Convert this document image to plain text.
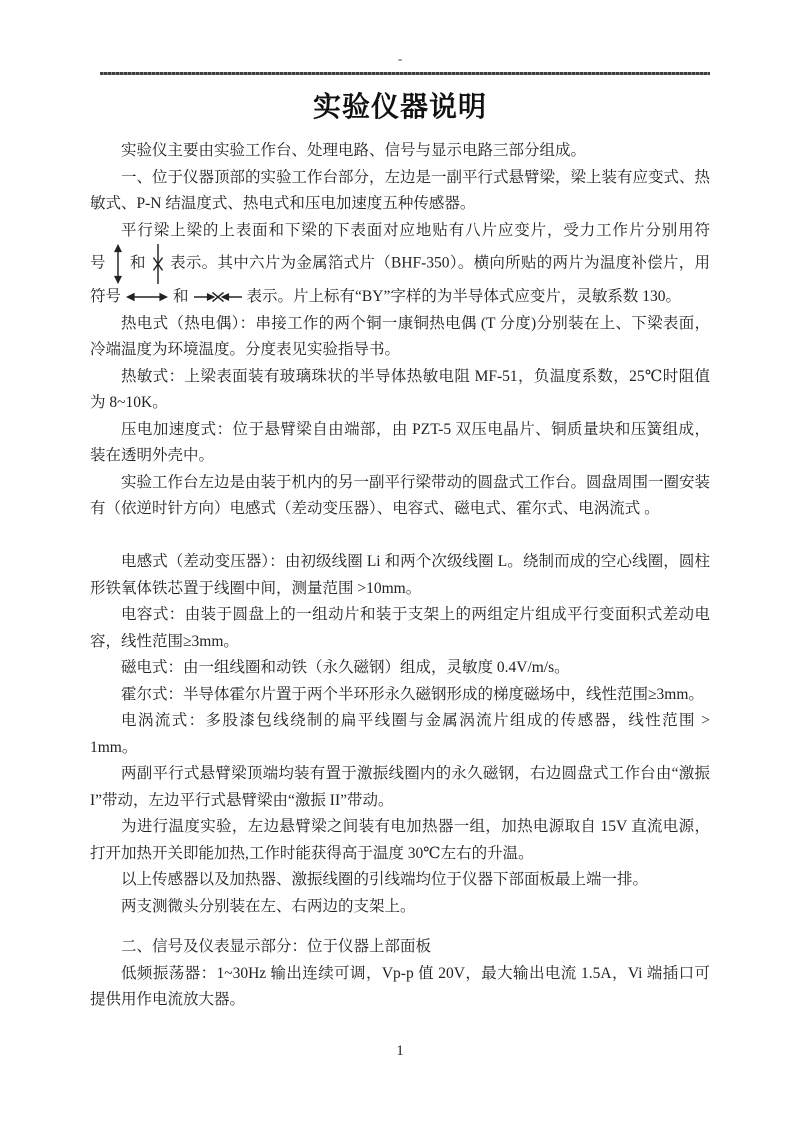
-
实验仪器说明

实验仪主要由实验工作台、处理电路、信号与显示电路三部分组成。

一、位于仪器顶部的实验工作台部分，左边是一副平行式悬臂梁，梁上装有应变式、热敏式、P-N 结温度式、热电式和压电加速度五种传感器。

平行梁上梁的上表面和下梁的下表面对应地贴有八片应变片，受力工作片分别用符
号 和 表示。其中六片为金属箔式片（BHF-350）。横向所贴的两片为温度补偿片，用
符号	和	表示。片上标有“BY”字样的为半导体式应变片，灵敏系数 130。

热电式（热电偶）：串接工作的两个铜一康铜热电偶 (T 分度)分别装在上、下梁表面，冷端温度为环境温度。分度表见实验指导书。

热敏式：上梁表面装有玻璃珠状的半导体热敏电阻 MF-51，负温度系数，25℃时阻值为 8~10K。

压电加速度式：位于悬臂梁自由端部，由 PZT-5 双压电晶片、铜质量块和压簧组成，装在透明外壳中。

实验工作台左边是由装于机内的另一副平行梁带动的圆盘式工作台。圆盘周围一圈安装有（依逆时针方向）电感式（差动变压器）、电容式、磁电式、霍尔式、电涡流式 。

电感式（差动变压器）：由初级线圈 Li 和两个次级线圈 L。绕制而成的空心线圈，圆柱形铁氧体铁芯置于线圈中间，测量范围 >10mm。

电容式：由装于圆盘上的一组动片和装于支架上的两组定片组成平行变面积式差动电容，线性范围≥3mm。

磁电式：由一组线圈和动铁（永久磁钢）组成，灵敏度 0.4V/m/s。

霍尔式：半导体霍尔片置于两个半环形永久磁钢形成的梯度磁场中，线性范围≥3mm。

电涡流式：多股漆包线绕制的扁平线圈与金属涡流片组成的传感器，线性范围 > 1mm。

两副平行式悬臂梁顶端均装有置于激振线圈内的永久磁钢，右边圆盘式工作台由“激振 I”带动，左边平行式悬臂梁由“激振 II”带动。

为进行温度实验，左边悬臂梁之间装有电加热器一组，加热电源取自 15V 直流电源，打开加热开关即能加热,工作时能获得高于温度 30℃左右的升温。

以上传感器以及加热器、激振线圈的引线端均位于仪器下部面板最上端一排。

两支测微头分别装在左、右两边的支架上。

二、信号及仪表显示部分：位于仪器上部面板

低频振荡器：1~30Hz 输出连续可调，Vp-p 值 20V，最大输出电流 1.5A，Vi 端插口可提供用作电流放大器。

1
